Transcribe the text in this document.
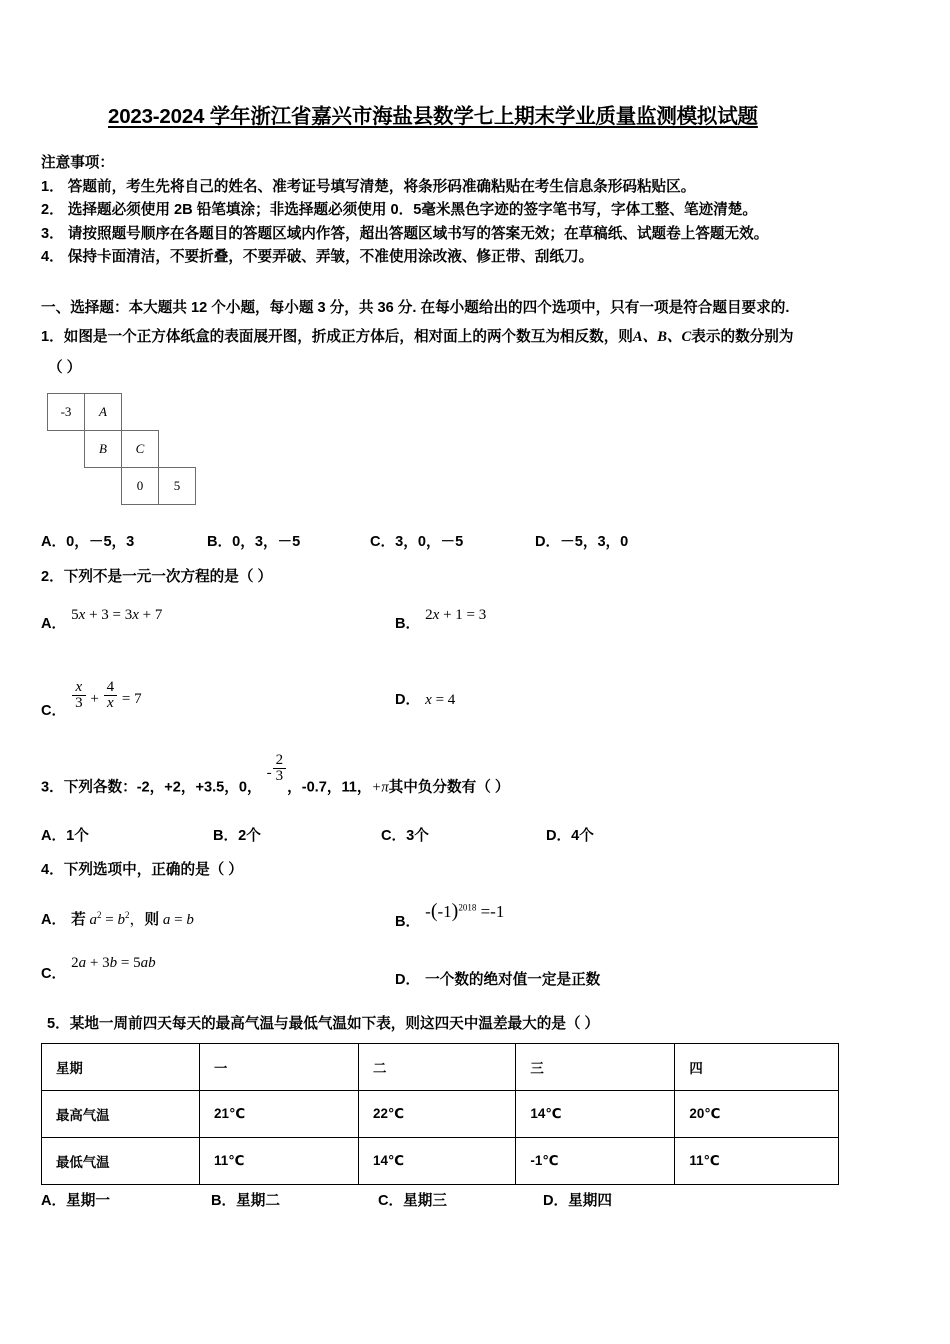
2023-2024 学年浙江省嘉兴市海盐县数学七上期末学业质量监测模拟试题
注意事项：
1． 答题前，考生先将自己的姓名、准考证号填写清楚，将条形码准确粘贴在考生信息条形码粘贴区。
2． 选择题必须使用 2B 铅笔填涂；非选择题必须使用 0．5毫米黑色字迹的签字笔书写，字体工整、笔迹清楚。
3． 请按照题号顺序在各题目的答题区域内作答，超出答题区域书写的答案无效；在草稿纸、试题卷上答题无效。
4． 保持卡面清洁，不要折叠，不要弄破、弄皱，不准使用涂改液、修正带、刮纸刀。
一、选择题：本大题共 12 个小题，每小题 3 分，共 36 分. 在每小题给出的四个选项中，只有一项是符合题目要求的.
1．如图是一个正方体纸盒的表面展开图，折成正方体后，相对面上的两个数互为相反数，则A、B、C表示的数分别为
（ ）
-3	A
B	C
0	5
A．0，－5，3	B．0，3，－5	C．3，0，－5	D．－5，3，0
2．下列不是一元一次方程的是（ ）
A．5x + 3 = 3x + 7
B．2x + 1 = 3
C． $\frac{x}{3} + \frac{4}{x} = 7$	D． x = 4
3．下列各数：-2，+2，+3.5，0，- $\frac{2}{3}$
，-0.7，11，+π其中负分数有（ ）
A．1个	B．2个	C．3个	D．4个
4．下列选项中，正确的是（ ）
A． 若 $a^2 = b^2$，则 a = b	B．$-(-1)^{2018} =-1$
C．2a + 3b = 5ab
D． 一个数的绝对值一定是正数
5．某地一周前四天每天的最高气温与最低气温如下表，则这四天中温差最大的是（ ）
星期	一	二	三	四
最高气温	21℃	22℃	14℃	20℃
最低气温	11℃	14℃	-1℃	11℃
A．星期一	B．星期二	C．星期三	D．星期四
